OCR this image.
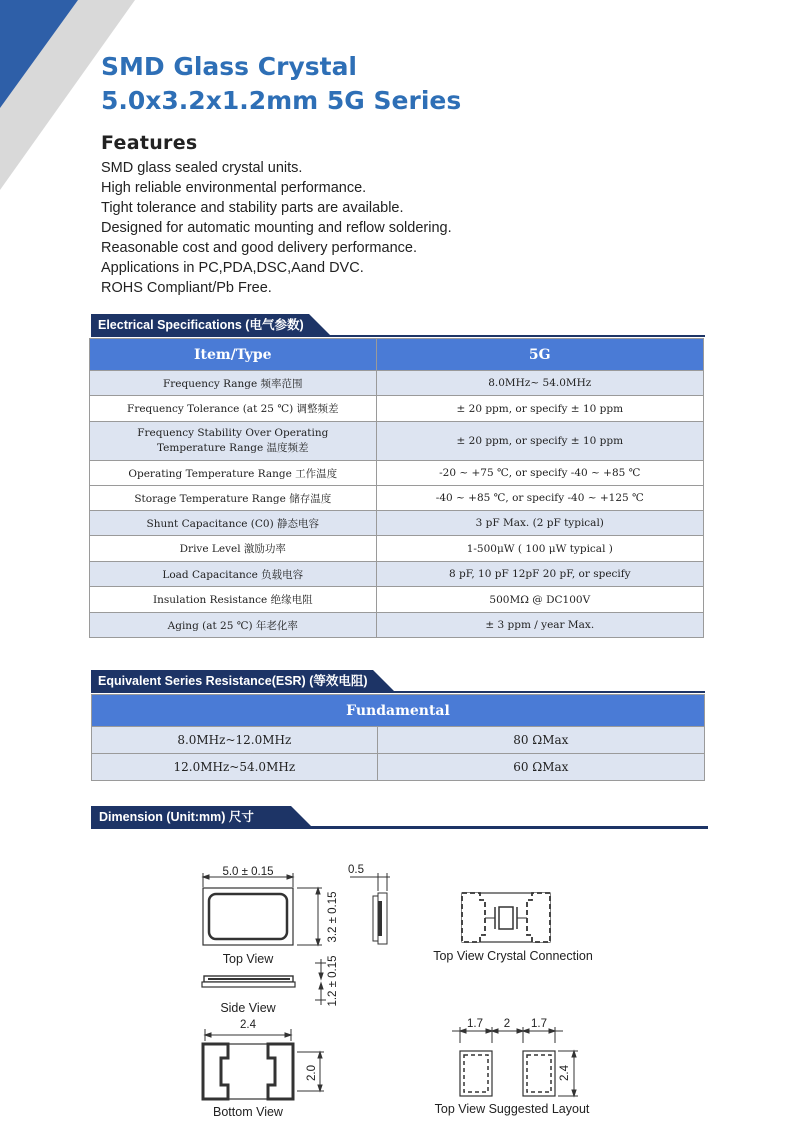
SMD Glass Crystal
5.0x3.2x1.2mm 5G Series
Features
SMD glass sealed crystal units.
High reliable environmental performance.
Tight tolerance and stability parts are available.
Designed for automatic mounting and reflow soldering.
Reasonable cost and good delivery performance.
Applications in PC,PDA,DSC,Aand DVC.
ROHS Compliant/Pb Free.
Electrical Specifications (电气参数)
Item/Type	5G
Frequency Range 频率范围	8.0MHz~ 54.0MHz
Frequency Tolerance (at 25 ℃) 调整频差	± 20 ppm, or specify ± 10 ppm

Frequency Stability Over Operating
Temperature Range 温度频差	± 20 ppm, or specify ± 10 ppm
Operating Temperature Range 工作温度	-20 ~ +75 ℃, or specify -40 ~ +85 ℃
Storage Temperature Range 储存温度	-40 ~ +85 ℃, or specify -40 ~ +125 ℃
Shunt Capacitance (C0) 静态电容	3 pF Max. (2 pF typical)
Drive Level 激励功率	1-500μW ( 100 μW typical )
Load Capacitance 负载电容	8 pF, 10 pF 12pF 20 pF, or specify
Insulation Resistance 绝缘电阻	500MΩ @ DC100V
Aging (at 25 ℃) 年老化率	± 3 ppm / year Max.
Equivalent Series Resistance(ESR) (等效电阻)
Fundamental	
8.0MHz~12.0MHz	80 ΩMax
12.0MHz~54.0MHz	60 ΩMax
Dimension (Unit:mm) 尺寸
5.0 ± 0.15
3.2 ± 0.15
0.5
1.2 ± 0.15
2.4
2.0
1.7 2 1.7
2.4
Top View
Side View
Bottom View
Top View Crystal Connection
Top View Suggested Layout
